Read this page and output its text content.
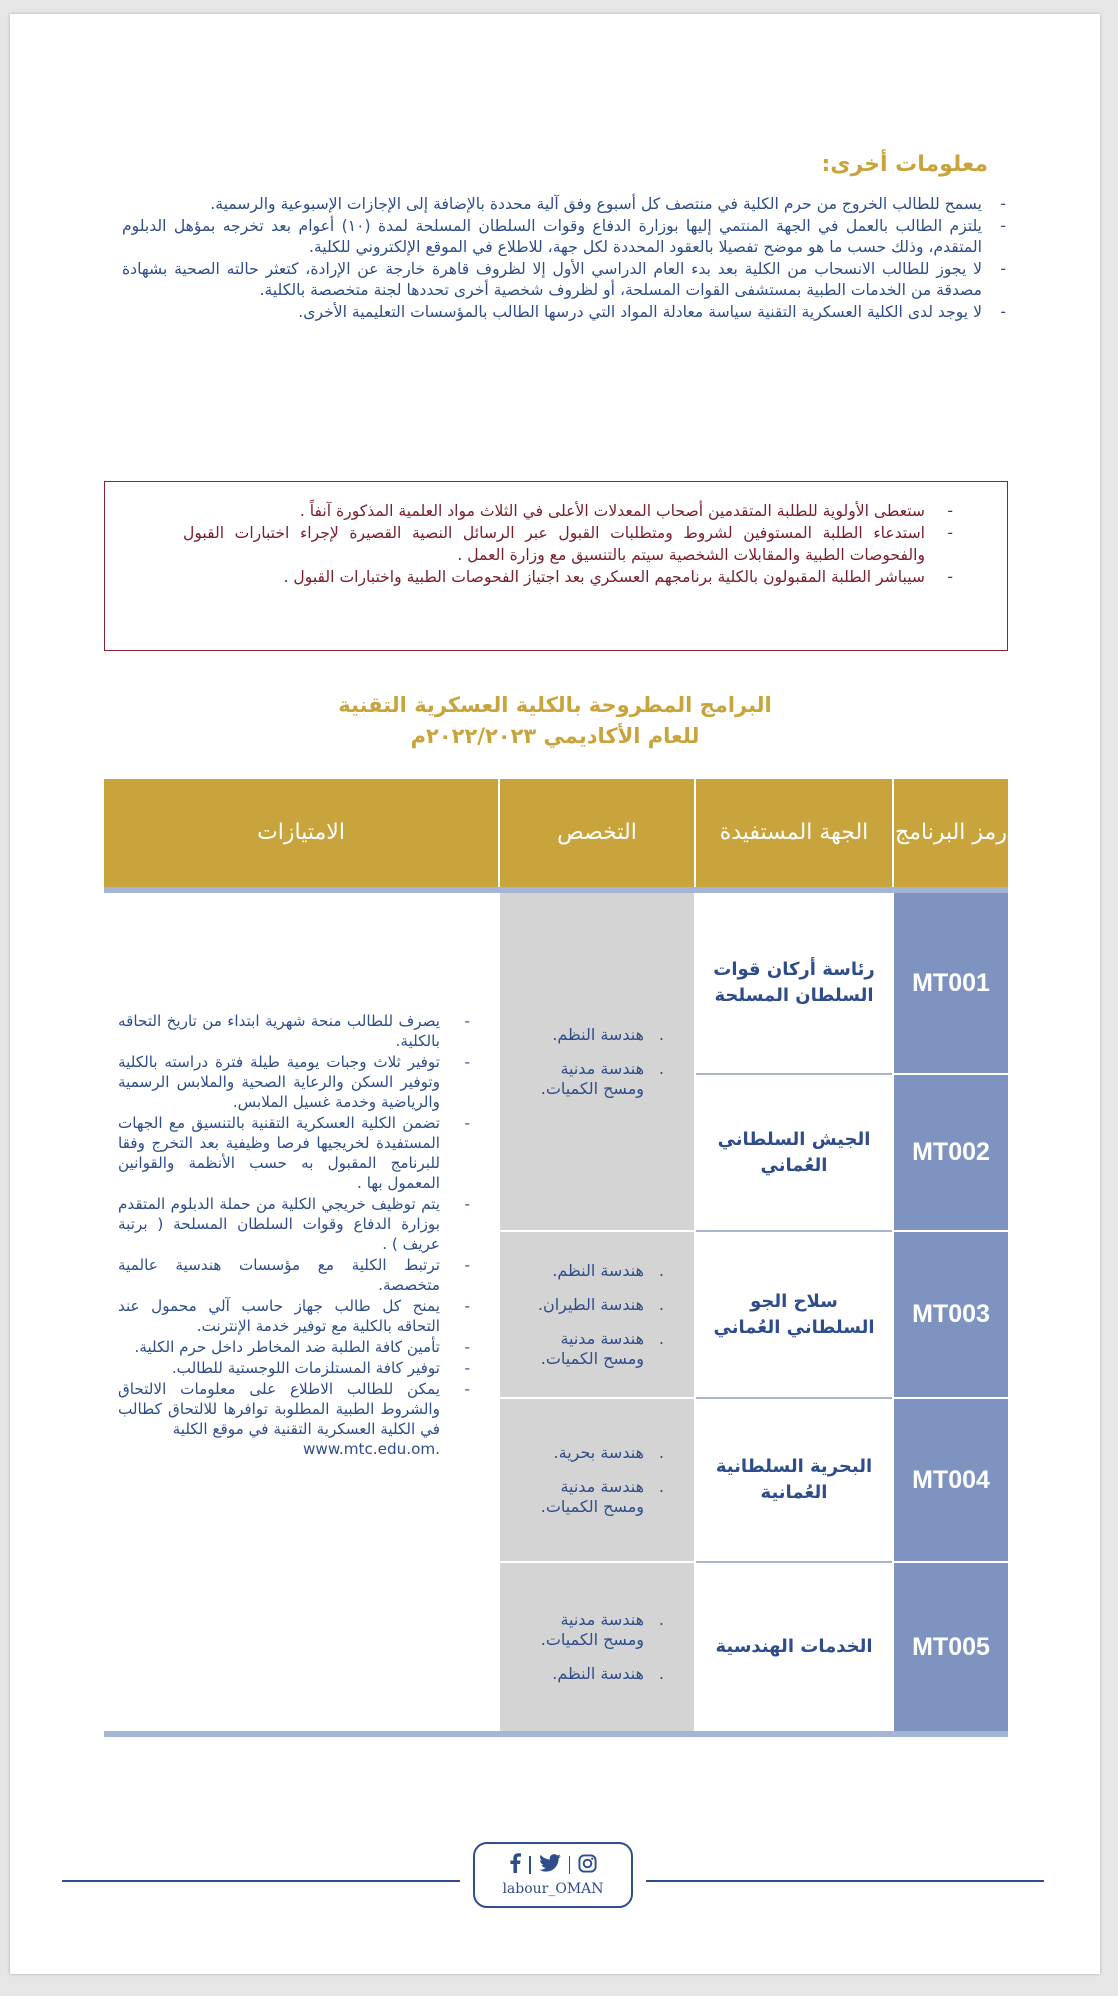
معلومات أخرى:
-
يسمح للطالب الخروج من حرم الكلية في منتصف كل أسبوع وفق آلية محددة بالإضافة إلى الإجازات الإسبوعية والرسمية.
-
يلتزم الطالب بالعمل في الجهة المنتمي إليها بوزارة الدفاع وقوات السلطان المسلحة لمدة (١٠) أعوام بعد تخرجه بمؤهل الدبلوم المتقدم، وذلك حسب ما هو موضح تفصيلا بالعقود المحددة لكل جهة، للاطلاع في الموقع الإلكتروني للكلية.
-
لا يجوز للطالب الانسحاب من الكلية بعد بدء العام الدراسي الأول إلا لظروف قاهرة خارجة عن الإرادة، كتعثر حالته الصحية بشهادة مصدقة من الخدمات الطبية بمستشفى القوات المسلحة، أو لظروف شخصية أخرى تحددها لجنة متخصصة بالكلية.
-
لا يوجد لدى الكلية العسكرية التقنية سياسة معادلة المواد التي درسها الطالب بالمؤسسات التعليمية الأخرى.
-
ستعطى الأولوية للطلبة المتقدمين أصحاب المعدلات الأعلى في الثلاث مواد العلمية المذكورة آنفاً .
-
استدعاء الطلبة المستوفين لشروط ومتطلبات القبول عبر الرسائل النصية القصيرة لإجراء اختبارات القبول والفحوصات الطبية والمقابلات الشخصية سيتم بالتنسيق مع وزارة العمل .
-
سيباشر الطلبة المقبولون بالكلية برنامجهم العسكري بعد اجتياز الفحوصات الطبية واختبارات القبول .
البرامج المطروحة بالكلية العسكرية التقنية
للعام الأكاديمي ٢٠٢٢/٢٠٢٣م
رمز البرنامج
الجهة المستفيدة
التخصص
الامتيازات
MT001
MT002
MT003
MT004
MT005
رئاسة أركان قوات السلطان المسلحة
الجيش السلطاني العُماني
سلاح الجو السلطاني العُماني
البحرية السلطانية العُمانية
الخدمات الهندسية
.
هندسة النظم.
.
هندسة مدنية ومسح الكميات.
.
هندسة النظم.
.
هندسة الطيران.
.
هندسة مدنية ومسح الكميات.
.
هندسة بحرية.
.
هندسة مدنية ومسح الكميات.
.
هندسة مدنية ومسح الكميات.
.
هندسة النظم.
-
يصرف للطالب منحة شهرية ابتداء من تاريخ التحاقه بالكلية.
-
توفير ثلاث وجبات يومية طيلة فترة دراسته بالكلية وتوفير السكن والرعاية الصحية والملابس الرسمية والرياضية وخدمة غسيل الملابس.
-
تضمن الكلية العسكرية التقنية بالتنسيق مع الجهات المستفيدة لخريجيها فرصا وظيفية بعد التخرج وفقا للبرنامج المقبول به حسب الأنظمة والقوانين المعمول بها .
-
يتم توظيف خريجي الكلية من حملة الدبلوم المتقدم بوزارة الدفاع وقوات السلطان المسلحة ( برتبة عريف ) .
-
ترتبط الكلية مع مؤسسات هندسية عالمية متخصصة.
-
يمنح كل طالب جهاز حاسب آلي محمول عند التحاقه بالكلية مع توفير خدمة الإنترنت.
-
تأمين كافة الطلبة ضد المخاطر داخل حرم الكلية.
-
توفير كافة المستلزمات اللوجستية للطالب.
-
يمكن للطالب الاطلاع على معلومات الالتحاق والشروط الطبية المطلوبة توافرها للالتحاق كطالب في الكلية العسكرية التقنية في موقع الكلية
www.mtc.edu.om.
labour_OMAN
